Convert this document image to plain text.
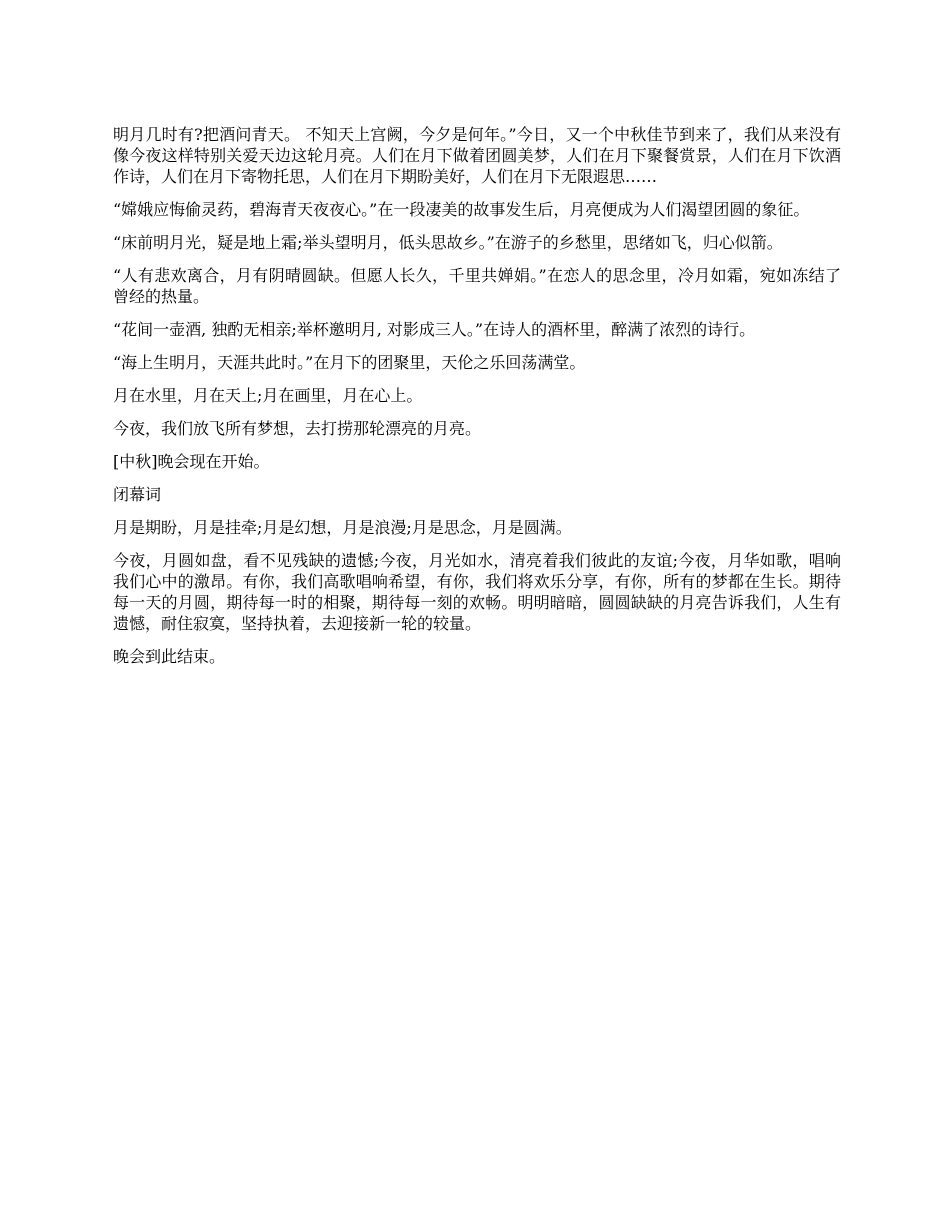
明月几时有?把酒问青天。 不知天上宫阙，今夕是何年。”今日，又一个中秋佳节到来了，我们从来没有像今夜这样特别关爱天边这轮月亮。人们在月下做着团圆美梦，人们在月下聚餐赏景，人们在月下饮酒作诗，人们在月下寄物托思，人们在月下期盼美好，人们在月下无限遐思……

“嫦娥应悔偷灵药，碧海青天夜夜心。”在一段凄美的故事发生后，月亮便成为人们渴望团圆的象征。

“床前明月光，疑是地上霜;举头望明月，低头思故乡。”在游子的乡愁里，思绪如飞，归心似箭。

“人有悲欢离合，月有阴晴圆缺。但愿人长久，千里共婵娟。”在恋人的思念里，冷月如霜，宛如冻结了曾经的热量。

“花间一壶酒, 独酌无相亲;举杯邀明月, 对影成三人。”在诗人的酒杯里，醉满了浓烈的诗行。

“海上生明月，天涯共此时。”在月下的团聚里，天伦之乐回荡满堂。

月在水里，月在天上;月在画里，月在心上。

今夜，我们放飞所有梦想，去打捞那轮漂亮的月亮。

[中秋]晚会现在开始。

闭幕词

月是期盼，月是挂牵;月是幻想，月是浪漫;月是思念，月是圆满。

今夜，月圆如盘，看不见残缺的遗憾;今夜，月光如水，清亮着我们彼此的友谊;今夜，月华如歌，唱响我们心中的激昂。有你，我们高歌唱响希望，有你，我们将欢乐分享，有你，所有的梦都在生长。期待每一天的月圆，期待每一时的相聚，期待每一刻的欢畅。明明暗暗，圆圆缺缺的月亮告诉我们，人生有遗憾，耐住寂寞，坚持执着，去迎接新一轮的较量。

晚会到此结束。
